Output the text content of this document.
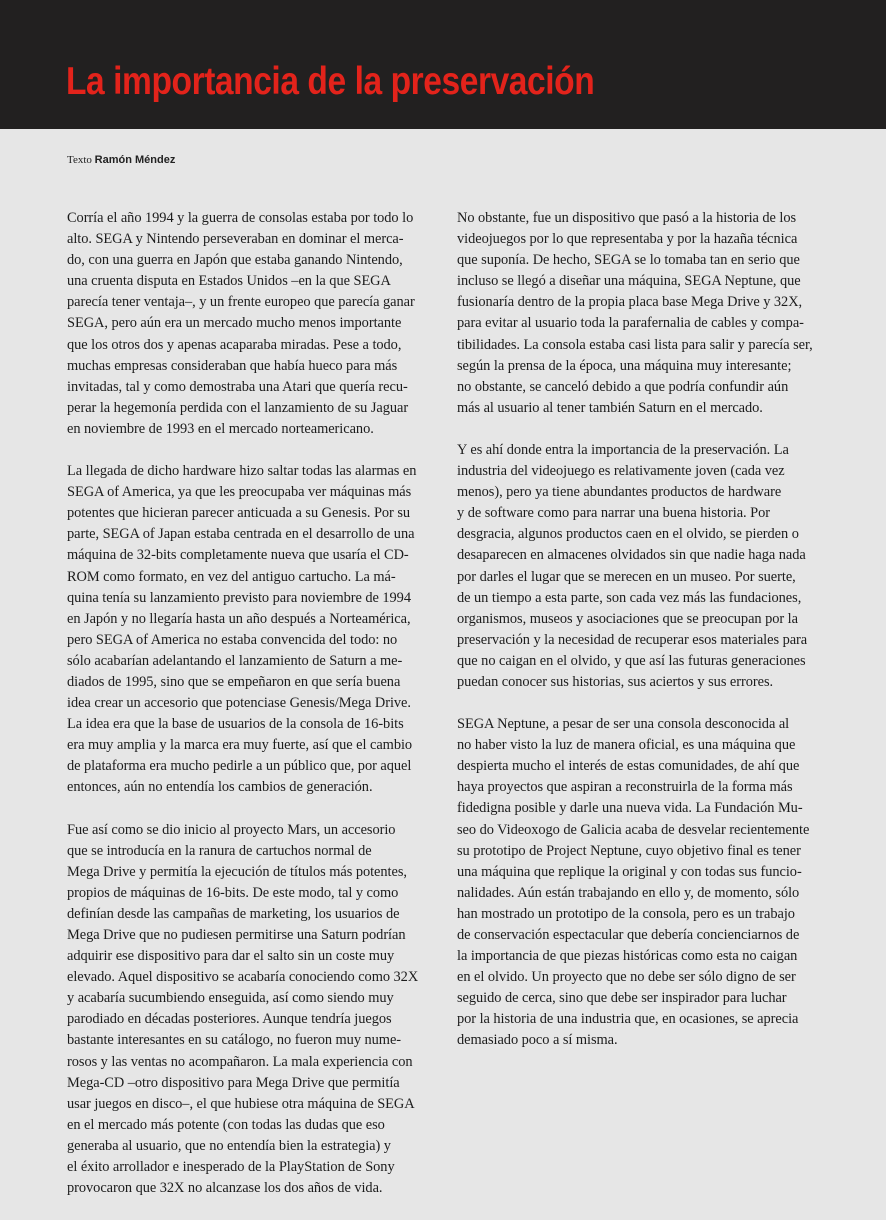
La importancia de la preservación
Texto Ramón Méndez

Corría el año 1994 y la guerra de consolas estaba por todo lo
alto. SEGA y Nintendo perseveraban en dominar el merca-
do, con una guerra en Japón que estaba ganando Nintendo,
una cruenta disputa en Estados Unidos –en la que SEGA
parecía tener ventaja–, y un frente europeo que parecía ganar
SEGA, pero aún era un mercado mucho menos importante
que los otros dos y apenas acaparaba miradas. Pese a todo,
muchas empresas consideraban que había hueco para más
invitadas, tal y como demostraba una Atari que quería recu-
perar la hegemonía perdida con el lanzamiento de su Jaguar
en noviembre de 1993 en el mercado norteamericano.

La llegada de dicho hardware hizo saltar todas las alarmas en
SEGA of America, ya que les preocupaba ver máquinas más
potentes que hicieran parecer anticuada a su Genesis. Por su
parte, SEGA of Japan estaba centrada en el desarrollo de una
máquina de 32-bits completamente nueva que usaría el CD-
ROM como formato, en vez del antiguo cartucho. La má-
quina tenía su lanzamiento previsto para noviembre de 1994
en Japón y no llegaría hasta un año después a Norteamérica,
pero SEGA of America no estaba convencida del todo: no
sólo acabarían adelantando el lanzamiento de Saturn a me-
diados de 1995, sino que se empeñaron en que sería buena
idea crear un accesorio que potenciase Genesis/Mega Drive.
La idea era que la base de usuarios de la consola de 16-bits
era muy amplia y la marca era muy fuerte, así que el cambio
de plataforma era mucho pedirle a un público que, por aquel
entonces, aún no entendía los cambios de generación.

Fue así como se dio inicio al proyecto Mars, un accesorio
que se introducía en la ranura de cartuchos normal de
Mega Drive y permitía la ejecución de títulos más potentes,
propios de máquinas de 16-bits. De este modo, tal y como
definían desde las campañas de marketing, los usuarios de
Mega Drive que no pudiesen permitirse una Saturn podrían
adquirir ese dispositivo para dar el salto sin un coste muy
elevado. Aquel dispositivo se acabaría conociendo como 32X
y acabaría sucumbiendo enseguida, así como siendo muy
parodiado en décadas posteriores. Aunque tendría juegos
bastante interesantes en su catálogo, no fueron muy nume-
rosos y las ventas no acompañaron. La mala experiencia con
Mega-CD –otro dispositivo para Mega Drive que permitía
usar juegos en disco–, el que hubiese otra máquina de SEGA
en el mercado más potente (con todas las dudas que eso
generaba al usuario, que no entendía bien la estrategia) y
el éxito arrollador e inesperado de la PlayStation de Sony
provocaron que 32X no alcanzase los dos años de vida.

No obstante, fue un dispositivo que pasó a la historia de los
videojuegos por lo que representaba y por la hazaña técnica
que suponía. De hecho, SEGA se lo tomaba tan en serio que
incluso se llegó a diseñar una máquina, SEGA Neptune, que
fusionaría dentro de la propia placa base Mega Drive y 32X,
para evitar al usuario toda la parafernalia de cables y compa-
tibilidades. La consola estaba casi lista para salir y parecía ser,
según la prensa de la época, una máquina muy interesante;
no obstante, se canceló debido a que podría confundir aún
más al usuario al tener también Saturn en el mercado.

Y es ahí donde entra la importancia de la preservación. La
industria del videojuego es relativamente joven (cada vez
menos), pero ya tiene abundantes productos de hardware
y de software como para narrar una buena historia. Por
desgracia, algunos productos caen en el olvido, se pierden o
desaparecen en almacenes olvidados sin que nadie haga nada
por darles el lugar que se merecen en un museo. Por suerte,
de un tiempo a esta parte, son cada vez más las fundaciones,
organismos, museos y asociaciones que se preocupan por la
preservación y la necesidad de recuperar esos materiales para
que no caigan en el olvido, y que así las futuras generaciones
puedan conocer sus historias, sus aciertos y sus errores.

SEGA Neptune, a pesar de ser una consola desconocida al
no haber visto la luz de manera oficial, es una máquina que
despierta mucho el interés de estas comunidades, de ahí que
haya proyectos que aspiran a reconstruirla de la forma más
fidedigna posible y darle una nueva vida. La Fundación Mu-
seo do Videoxogo de Galicia acaba de desvelar recientemente
su prototipo de Project Neptune, cuyo objetivo final es tener
una máquina que replique la original y con todas sus funcio-
nalidades. Aún están trabajando en ello y, de momento, sólo
han mostrado un prototipo de la consola, pero es un trabajo
de conservación espectacular que debería concienciarnos de
la importancia de que piezas históricas como esta no caigan
en el olvido. Un proyecto que no debe ser sólo digno de ser
seguido de cerca, sino que debe ser inspirador para luchar
por la historia de una industria que, en ocasiones, se aprecia
demasiado poco a sí misma.
